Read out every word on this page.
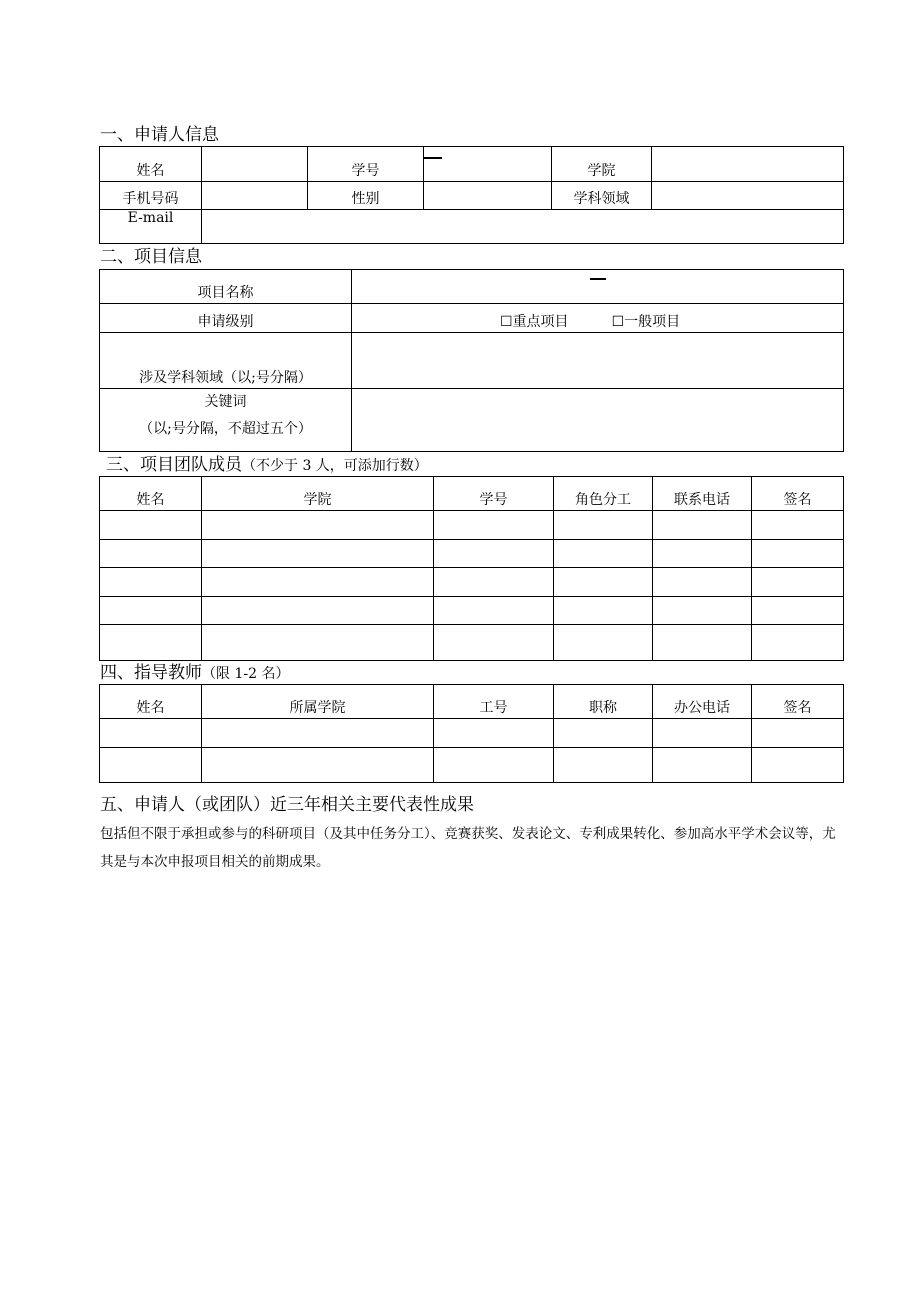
一、申请人信息
姓名		学号		学院	
手机号码		性别		学科领域	
E-mail					
二、项目信息
项目名称	
申请级别	☐重点项目 ☐一般项目
涉及学科领域（以;号分隔）	

关键词
（以;号分隔，不超过五个）	

三、项目团队成员（不少于 3 人，可添加行数）
姓名	学院	学号	角色分工	联系电话	签名

四、指导教师（限 1-2 名）
姓名	所属学院	工号	职称	办公电话	签名

五、申请人（或团队）近三年相关主要代表性成果
包括但不限于承担或参与的科研项目（及其中任务分工）、竞赛获奖、发表论文、专利成果转化、参加高水平学术会议等，尤其是与本次申报项目相关的前期成果。
